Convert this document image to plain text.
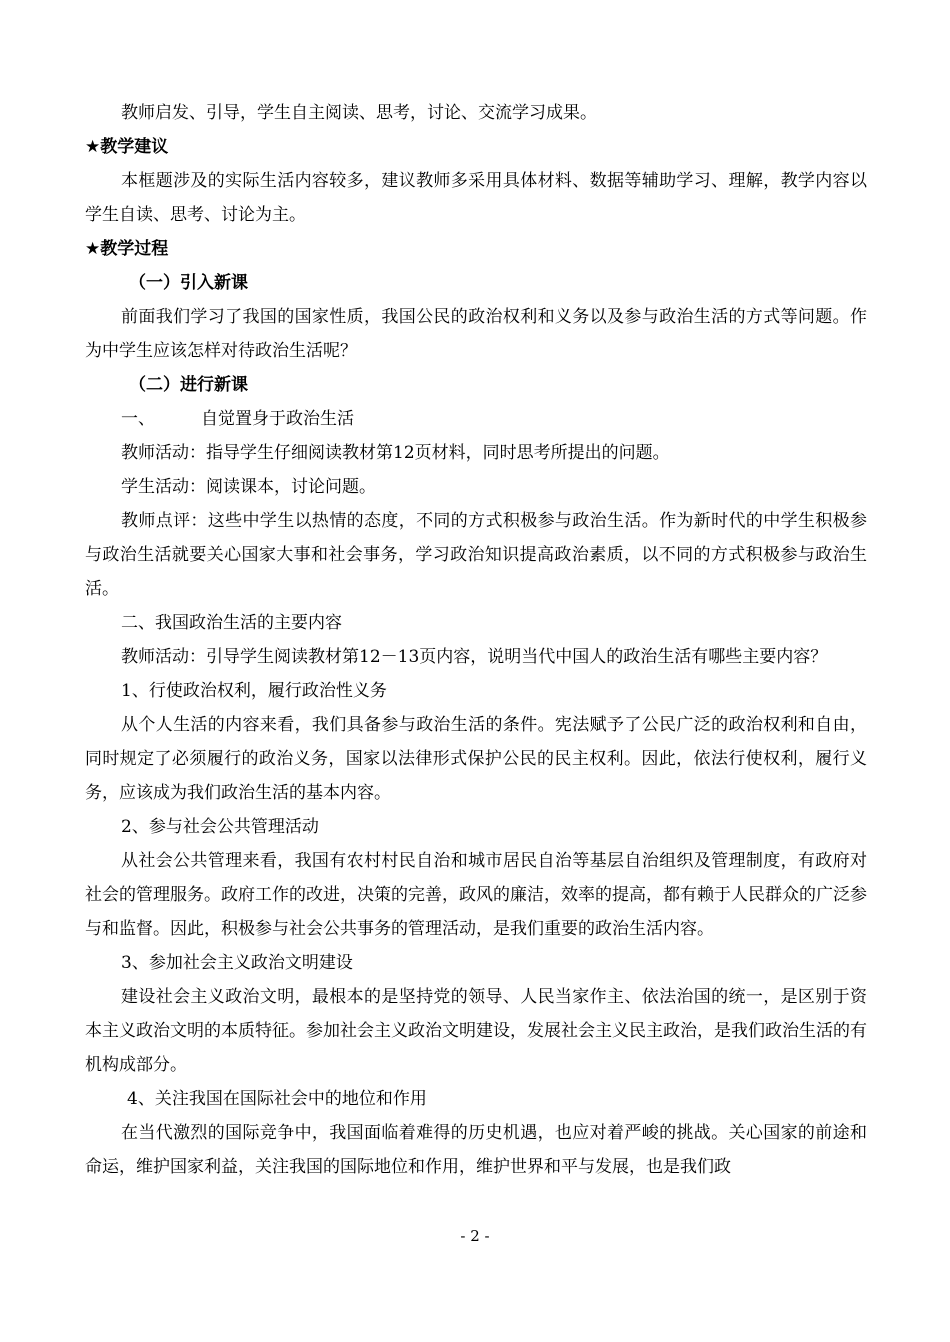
教师启发、引导，学生自主阅读、思考，讨论、交流学习成果。

★教学建议

本框题涉及的实际生活内容较多，建议教师多采用具体材料、数据等辅助学习、理解，教学内容以学生自读、思考、讨论为主。

★教学过程

（一）引入新课

前面我们学习了我国的国家性质，我国公民的政治权利和义务以及参与政治生活的方式等问题。作为中学生应该怎样对待政治生活呢？

（二）进行新课

一、	自觉置身于政治生活

教师活动：指导学生仔细阅读教材第12页材料，同时思考所提出的问题。

学生活动：阅读课本，讨论问题。

教师点评：这些中学生以热情的态度，不同的方式积极参与政治生活。作为新时代的中学生积极参与政治生活就要关心国家大事和社会事务，学习政治知识提高政治素质，以不同的方式积极参与政治生活。

二、我国政治生活的主要内容

教师活动：引导学生阅读教材第12－13页内容，说明当代中国人的政治生活有哪些主要内容？

1、行使政治权利，履行政治性义务

从个人生活的内容来看，我们具备参与政治生活的条件。宪法赋予了公民广泛的政治权利和自由，同时规定了必须履行的政治义务，国家以法律形式保护公民的民主权利。因此，依法行使权利，履行义务，应该成为我们政治生活的基本内容。

2、参与社会公共管理活动

从社会公共管理来看，我国有农村村民自治和城市居民自治等基层自治组织及管理制度，有政府对社会的管理服务。政府工作的改进，决策的完善，政风的廉洁，效率的提高，都有赖于人民群众的广泛参与和监督。因此，积极参与社会公共事务的管理活动，是我们重要的政治生活内容。

3、参加社会主义政治文明建设

建设社会主义政治文明，最根本的是坚持党的领导、人民当家作主、依法治国的统一，是区别于资本主义政治文明的本质特征。参加社会主义政治文明建设，发展社会主义民主政治，是我们政治生活的有机构成部分。

4、关注我国在国际社会中的地位和作用

在当代激烈的国际竞争中，我国面临着难得的历史机遇，也应对着严峻的挑战。关心国家的前途和命运，维护国家利益，关注我国的国际地位和作用，维护世界和平与发展，也是我们政

- 2 -
